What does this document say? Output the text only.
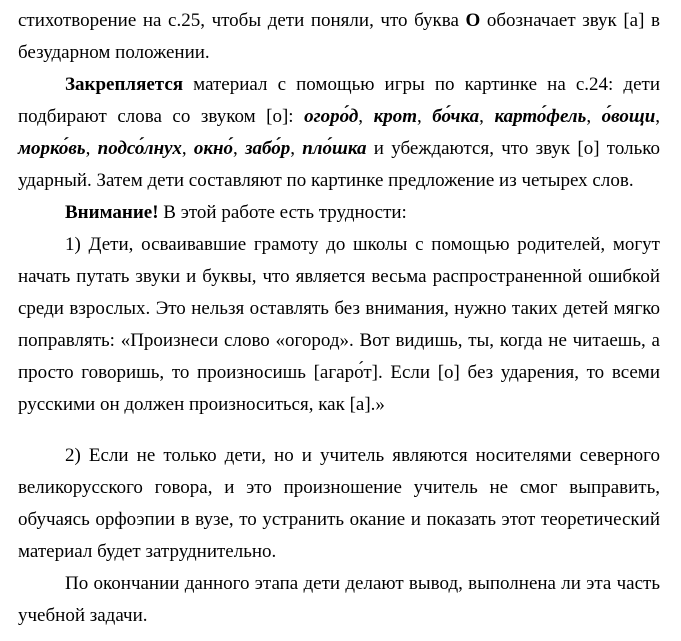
стихотворение на с.25, чтобы дети поняли, что буква О обозначает звук [а] в безударном положении.

Закрепляется материал с помощью игры по картинке на с.24: дети подбирают слова со звуком [о]: огоро́д, крот, бо́чка, карто́фель, о́вощи, морко́вь, подсо́лнух, окно́, забо́р, пло́шка и убеждаются, что звук [о] только ударный. Затем дети составляют по картинке предложение из четырех слов.

Внимание! В этой работе есть трудности:

1) Дети, осваивавшие грамоту до школы с помощью родителей, могут начать путать звуки и буквы, что является весьма распространенной ошибкой среди взрослых. Это нельзя оставлять без внимания, нужно таких детей мягко поправлять: «Произнеси слово «огород». Вот видишь, ты, когда не читаешь, а просто говоришь, то произносишь [агаро́т]. Если [о] без ударения, то всеми русскими он должен произноситься, как [а].»

2) Если не только дети, но и учитель являются носителями северного великорусского говора, и это произношение учитель не смог выправить, обучаясь орфоэпии в вузе, то устранить окание и показать этот теоретический материал будет затруднительно.

По окончании данного этапа дети делают вывод, выполнена ли эта часть учебной задачи.
